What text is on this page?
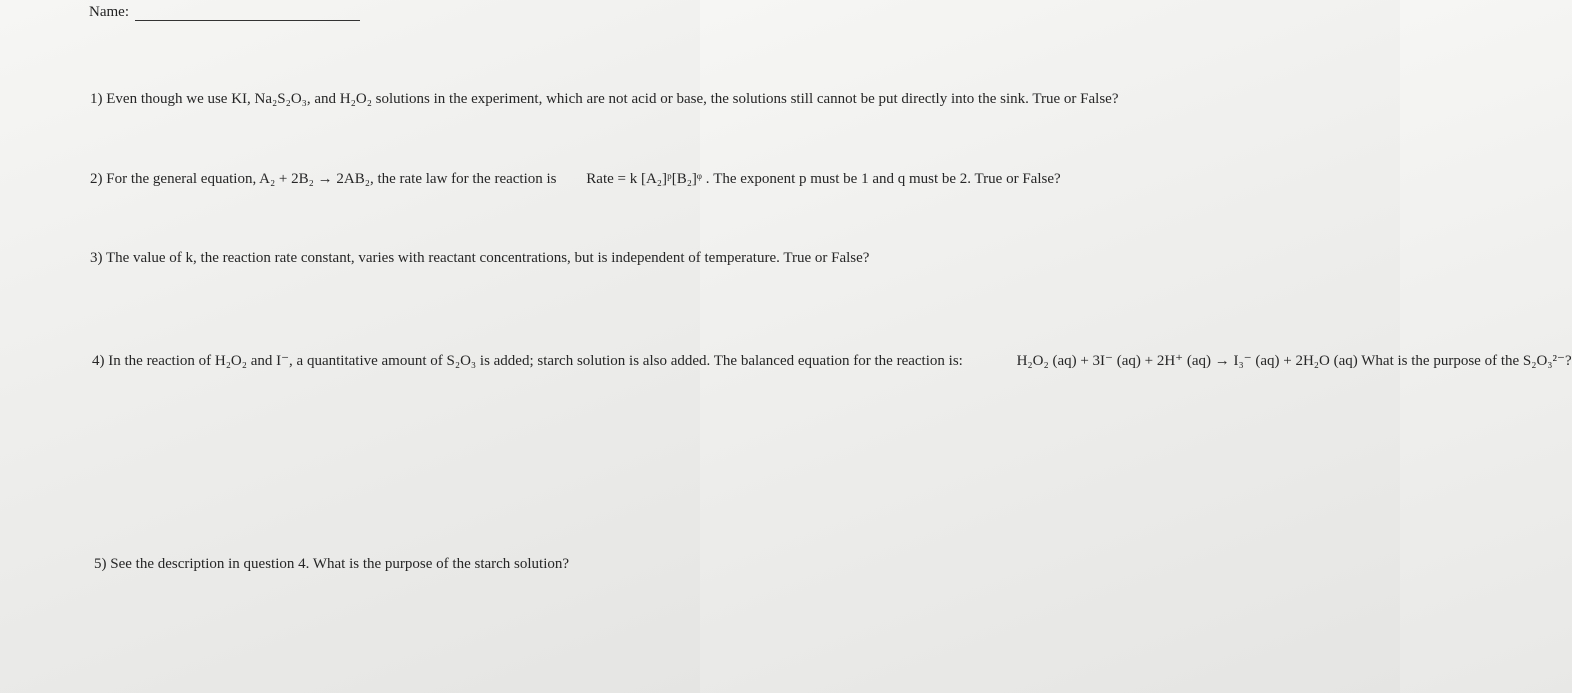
Name:
1) Even though we use KI, Na₂S₂O₃, and H₂O₂ solutions in the experiment, which are not acid or base, the solutions still cannot be put directly into the sink. True or False?
2) For the general equation, A₂ + 2B₂ → 2AB₂, the rate law for the reaction is Rate = k [A₂]ᵖ[B₂]ᵠ . The exponent p must be 1 and q must be 2. True or False?
3) The value of k, the reaction rate constant, varies with reactant concentrations, but is independent of temperature. True or False?
4) In the reaction of H₂O₂ and I⁻, a quantitative amount of S₂O₃ is added; starch solution is also added. The balanced equation for the reaction is:	H₂O₂ (aq) + 3I⁻ (aq) + 2H⁺ (aq) → I₃⁻ (aq) + 2H₂O (aq) What is the purpose of the S₂O₃²⁻?
5) See the description in question 4. What is the purpose of the starch solution?
